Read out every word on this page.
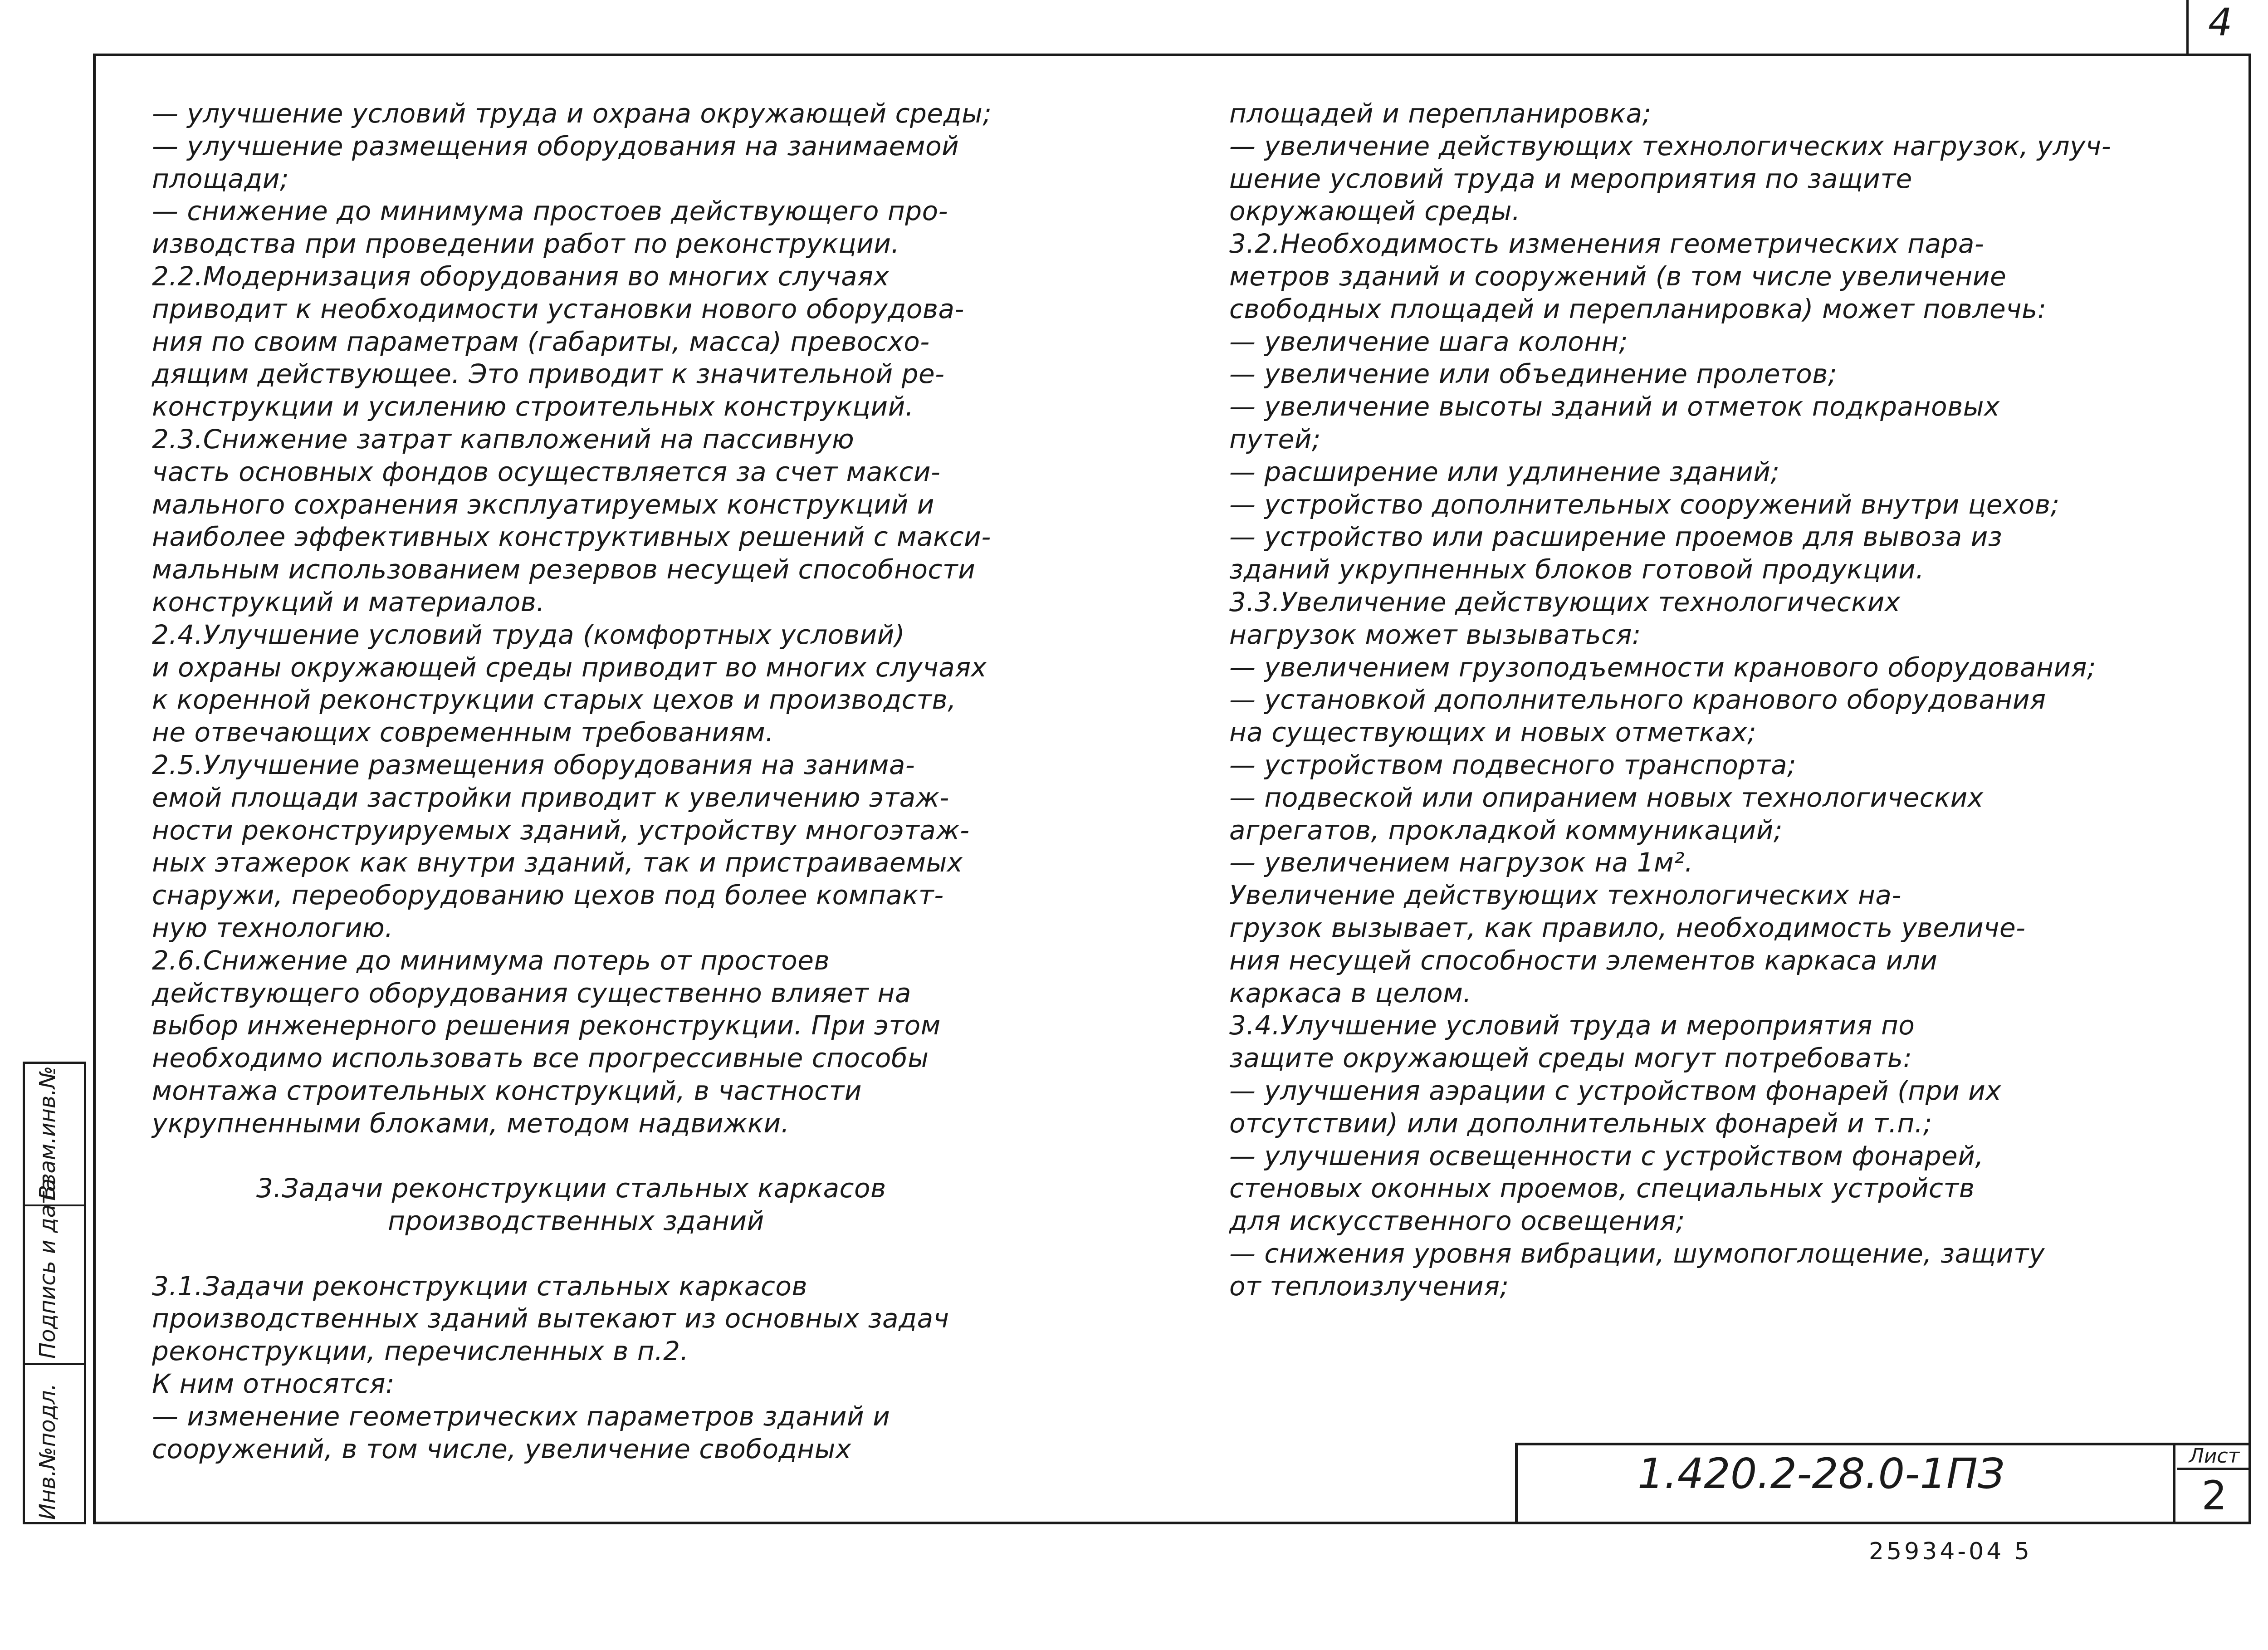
4
— улучшение условий труда и охрана окружающей среды;
— улучшение размещения оборудования на занимаемой
площади;
— снижение до минимума простоев действующего про-
изводства при проведении работ по реконструкции.
2.2.Модернизация оборудования во многих случаях
приводит к необходимости установки нового оборудова-
ния по своим параметрам (габариты, масса) превосхо-
дящим действующее. Это приводит к значительной ре-
конструкции и усилению строительных конструкций.
2.3.Снижение затрат капвложений на пассивную
часть основных фондов осуществляется за счет макси-
мального сохранения эксплуатируемых конструкций и
наиболее эффективных конструктивных решений с макси-
мальным использованием резервов несущей способности
конструкций и материалов.
2.4.Улучшение условий труда (комфортных условий)
и охраны окружающей среды приводит во многих случаях
к коренной реконструкции старых цехов и производств,
не отвечающих современным требованиям.
2.5.Улучшение размещения оборудования на занима-
емой площади застройки приводит к увеличению этаж-
ности реконструируемых зданий, устройству многоэтаж-
ных этажерок как внутри зданий, так и пристраиваемых
снаружи, переоборудованию цехов под более компакт-
ную технологию.
2.6.Снижение до минимума потерь от простоев
действующего оборудования существенно влияет на
выбор инженерного решения реконструкции. При этом
необходимо использовать все прогрессивные способы
монтажа строительных конструкций, в частности
укрупненными блоками, методом надвижки.
3.Задачи реконструкции стальных каркасов
производственных зданий
3.1.Задачи реконструкции стальных каркасов
производственных зданий вытекают из основных задач
реконструкции, перечисленных в п.2.
К ним относятся:
— изменение геометрических параметров зданий и
сооружений, в том числе, увеличение свободных
площадей и перепланировка;
— увеличение действующих технологических нагрузок, улуч-
шение условий труда и мероприятия по защите
окружающей среды.
3.2.Необходимость изменения геометрических пара-
метров зданий и сооружений (в том числе увеличение
свободных площадей и перепланировка) может повлечь:
— увеличение шага колонн;
— увеличение или объединение пролетов;
— увеличение высоты зданий и отметок подкрановых
путей;
— расширение или удлинение зданий;
— устройство дополнительных сооружений внутри цехов;
— устройство или расширение проемов для вывоза из
зданий укрупненных блоков готовой продукции.
3.3.Увеличение действующих технологических
нагрузок может вызываться:
— увеличением грузоподъемности кранового оборудования;
— установкой дополнительного кранового оборудования
на существующих и новых отметках;
— устройством подвесного транспорта;
— подвеской или опиранием новых технологических
агрегатов, прокладкой коммуникаций;
— увеличением нагрузок на 1м².
Увеличение действующих технологических на-
грузок вызывает, как правило, необходимость увеличе-
ния несущей способности элементов каркаса или
каркаса в целом.
3.4.Улучшение условий труда и мероприятия по
защите окружающей среды могут потребовать:
— улучшения аэрации с устройством фонарей (при их
отсутствии) или дополнительных фонарей и т.п.;
— улучшения освещенности с устройством фонарей,
стеновых оконных проемов, специальных устройств
для искусственного освещения;
— снижения уровня вибрации, шумопоглощение, защиту
от теплоизлучения;
Инв.№подл.
Подпись и дата
Взам.инв.№
1.420.2-28.0-1ПЗ	Лист
2
25934-04 5
